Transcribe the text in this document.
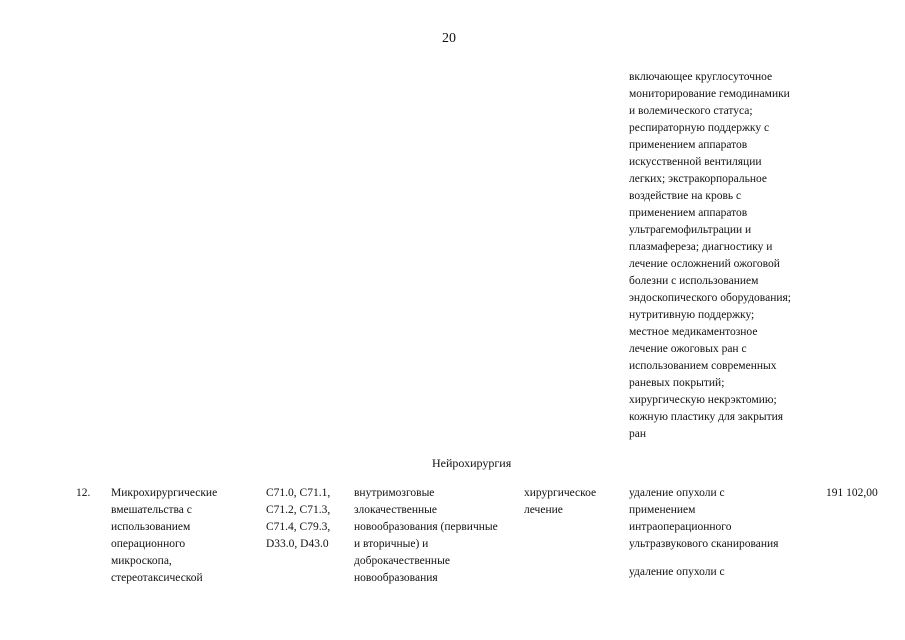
20
включающее круглосуточное
мониторирование гемодинамики
и волемического статуса;
респираторную поддержку с
применением аппаратов
искусственной вентиляции
легких; экстракорпоральное
воздействие на кровь с
применением аппаратов
ультрагемофильтрации и
плазмафереза; диагностику и
лечение осложнений ожоговой
болезни с использованием
эндоскопического оборудования;
нутритивную поддержку;
местное медикаментозное
лечение ожоговых ран с
использованием современных
раневых покрытий;
хирургическую некрэктомию;
кожную пластику для закрытия
ран
Нейрохирургия
12. Микрохирургические
вмешательства с
использованием
операционного
микроскопа,
стереотаксической
C71.0, C71.1,
C71.2, C71.3,
C71.4, C79.3,
D33.0, D43.0
внутримозговые
злокачественные
новообразования (первичные
и вторичные) и
доброкачественные
новообразования
хирургическое
лечение
удаление опухоли с
применением
интраоперационного
ультразвукового сканирования
удаление опухоли с
191 102,00
